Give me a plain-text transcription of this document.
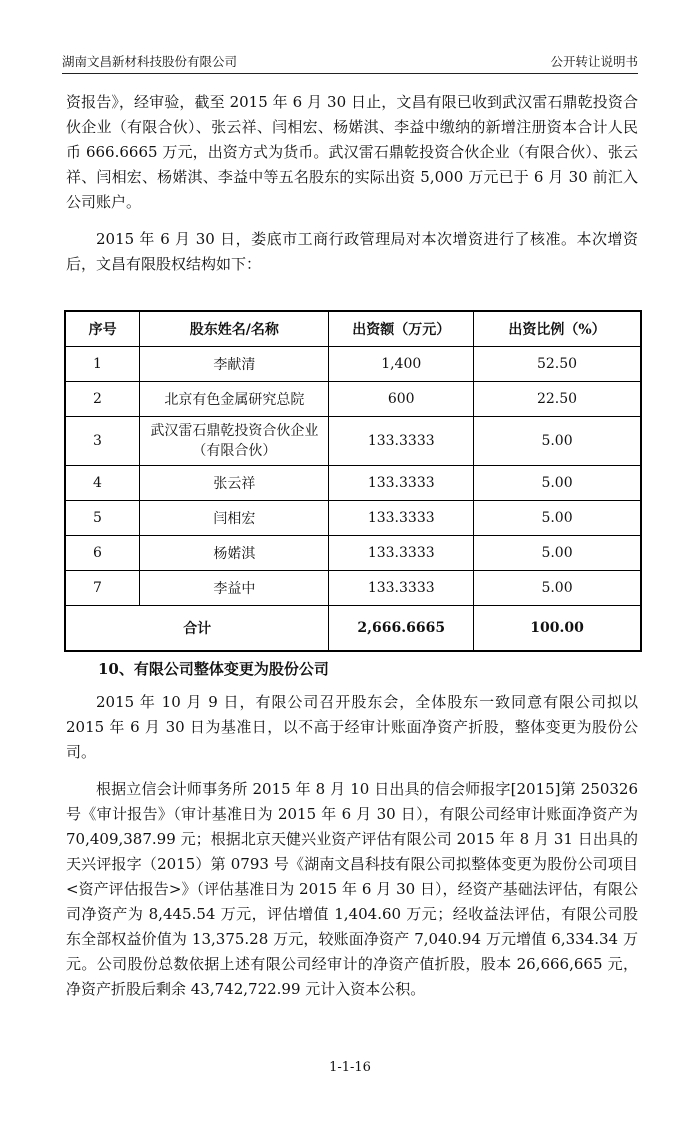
湖南文昌新材科技股份有限公司	公开转让说明书

资报告》，经审验，截至 2015 年 6 月 30 日止，文昌有限已收到武汉雷石鼎乾投资合伙企业（有限合伙）、张云祥、闫相宏、杨婼淇、李益中缴纳的新增注册资本合计人民币 666.6665 万元，出资方式为货币。武汉雷石鼎乾投资合伙企业（有限合伙）、张云祥、闫相宏、杨婼淇、李益中等五名股东的实际出资 5,000 万元已于 6 月 30 前汇入公司账户。

2015 年 6 月 30 日，娄底市工商行政管理局对本次增资进行了核准。本次增资后，文昌有限股权结构如下：

序号	股东姓名/名称	出资额（万元）	出资比例（%）
1	李献清	1,400	52.50
2	北京有色金属研究总院	600	22.50
3	武汉雷石鼎乾投资合伙企业
（有限合伙）	133.3333	5.00
4	张云祥	133.3333	5.00
5	闫相宏	133.3333	5.00
6	杨婼淇	133.3333	5.00
7	李益中	133.3333	5.00
合计		2,666.6665	100.00
10、有限公司整体变更为股份公司

2015 年 10 月 9 日，有限公司召开股东会，全体股东一致同意有限公司拟以 2015 年 6 月 30 日为基准日，以不高于经审计账面净资产折股，整体变更为股份公司。

根据立信会计师事务所 2015 年 8 月 10 日出具的信会师报字[2015]第 250326 号《审计报告》（审计基准日为 2015 年 6 月 30 日），有限公司经审计账面净资产为 70,409,387.99 元；根据北京天健兴业资产评估有限公司 2015 年 8 月 31 日出具的天兴评报字（2015）第 0793 号《湖南文昌科技有限公司拟整体变更为股份公司项目<资产评估报告>》（评估基准日为 2015 年 6 月 30 日），经资产基础法评估，有限公司净资产为 8,445.54 万元，评估增值 1,404.60 万元；经收益法评估，有限公司股东全部权益价值为 13,375.28 万元，较账面净资产 7,040.94 万元增值 6,334.34 万元。公司股份总数依据上述有限公司经审计的净资产值折股，股本 26,666,665 元，净资产折股后剩余 43,742,722.99 元计入资本公积。

1-1-16
